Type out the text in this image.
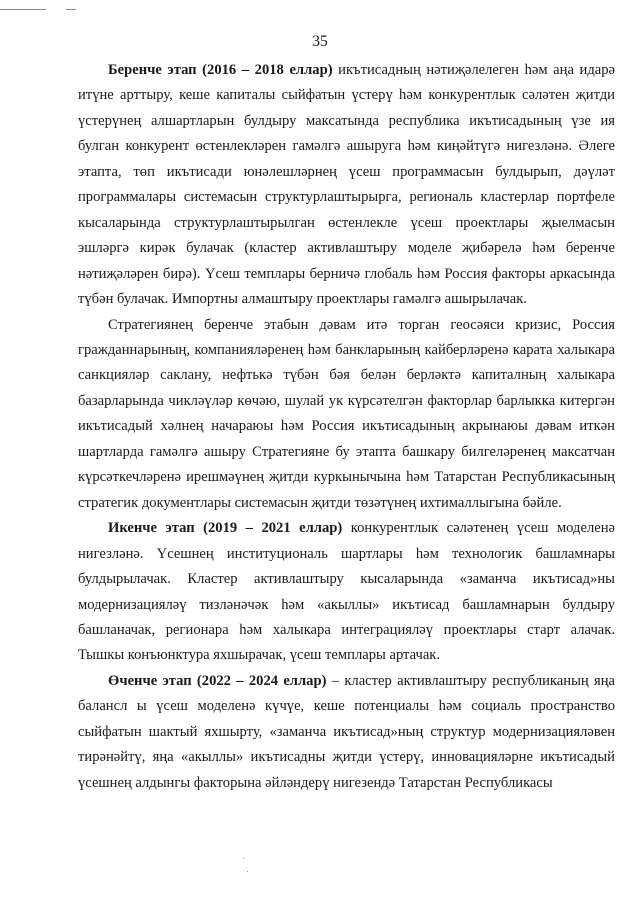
35

Беренче этап (2016 – 2018 еллар) икътисадның нәтиҗәлелеген һәм аңа идарә итүне арттыру, кеше капиталы сыйфатын үстерү һәм конкурентлык сәләтен җитди үстерүнең алшартларын булдыру максатында республика икътисадының үзе ия булган конкурент өстенлекләрен гамәлгә ашыруга һәм киңәйтүгә нигезләнә. Әлеге этапта, төп икътисади юнәлешләрнең үсеш программасын булдырып, дәүләт программалары системасын структурлаштырырга, региональ кластерлар портфеле кысаларында структурлаштырылган өстенлекле үсеш проектлары җыелмасын эшләргә кирәк булачак (кластер активлаштыру моделе җибәрелә һәм беренче нәтиҗәләрен бирә). Үсеш темплары берничә глобаль һәм Россия факторы аркасында түбән булачак. Импортны алмаштыру проектлары гамәлгә ашырылачак.

Стратегиянең беренче этабын дәвам итә торган геосәяси кризис, Россия гражданнарының, компанияләренең һәм банкларының кайберләренә карата халыкара санкцияләр саклану, нефтькә түбән бәя белән берләктә капиталның халыкара базарларында чикләүләр көчәю, шулай ук күрсәтелгән факторлар барлыкка китергән икътисадый хәлнең начараюы һәм Россия икътисадының акрынаюы дәвам иткән шартларда гамәлгә ашыру Стратегияне бу этапта башкару билгеләренең максатчан күрсәткечләренә ирешмәүнең җитди куркынычына һәм Татарстан Республикасының стратегик документлары системасын җитди төзәтүнең ихтималлыгына бәйле.

Икенче этап (2019 – 2021 еллар) конкурентлык сәләтенең үсеш моделенә нигезләнә. Үсешнең институциональ шартлары һәм технологик башламнары булдырылачак. Кластер активлаштыру кысаларында «заманча икътисад»ны модернизацияләү тизләнәчәк һәм «акыллы» икътисад башламнарын булдыру башланачак, регионара һәм халыкара интеграцияләү проектлары старт алачак. Тышкы конъюнктура яхшырачак, үсеш темплары артачак.

Өченче этап (2022 – 2024 еллар) – кластер активлаштыру республиканың яңа балансл ы үсеш моделенә күчүе, кеше потенциалы һәм социаль пространство сыйфатын шактый яхшырту, «заманча икътисад»ның структур модернизацияләвен тирәнәйтү, яңа «акыллы» икътисадны җитди үстерү, инновацияләрне икътисадый үсешнең алдынгы факторына әйләндерү нигезендә Татарстан Республикасы
